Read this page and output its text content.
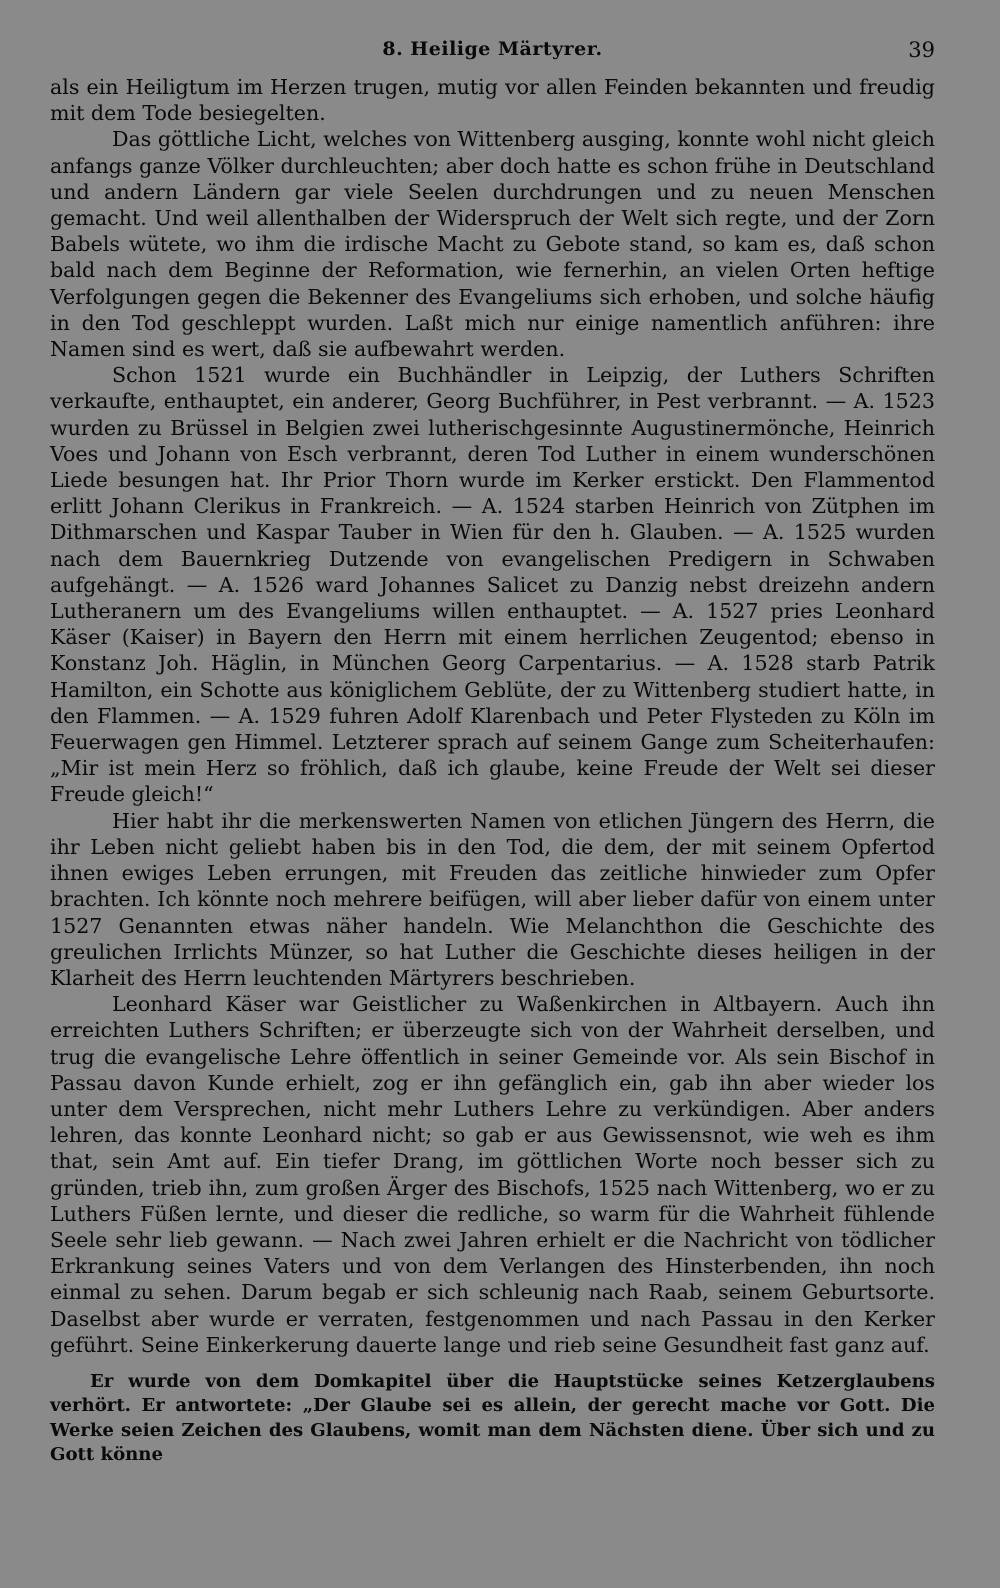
8. Heilige Märtyrer.	39

als ein Heiligtum im Herzen trugen, mutig vor allen Feinden bekannten und freudig mit dem Tode besiegelten.

Das göttliche Licht, welches von Wittenberg ausging, konnte wohl nicht gleich anfangs ganze Völker durchleuchten; aber doch hatte es schon frühe in Deutschland und andern Ländern gar viele Seelen durchdrungen und zu neuen Menschen gemacht. Und weil allenthalben der Widerspruch der Welt sich regte, und der Zorn Babels wütete, wo ihm die irdische Macht zu Gebote stand, so kam es, daß schon bald nach dem Beginne der Reformation, wie fernerhin, an vielen Orten heftige Verfolgungen gegen die Bekenner des Evangeliums sich erhoben, und solche häufig in den Tod geschleppt wurden. Laßt mich nur einige namentlich anführen: ihre Namen sind es wert, daß sie aufbewahrt werden.

Schon 1521 wurde ein Buchhändler in Leipzig, der Luthers Schriften verkaufte, enthauptet, ein anderer, Georg Buchführer, in Pest verbrannt. — A. 1523 wurden zu Brüssel in Belgien zwei lutherischgesinnte Augustinermönche, Heinrich Voes und Johann von Esch verbrannt, deren Tod Luther in einem wunderschönen Liede besungen hat. Ihr Prior Thorn wurde im Kerker erstickt. Den Flammentod erlitt Johann Clerikus in Frankreich. — A. 1524 starben Heinrich von Zütphen im Dithmarschen und Kaspar Tauber in Wien für den h. Glauben. — A. 1525 wurden nach dem Bauernkrieg Dutzende von evangelischen Predigern in Schwaben aufgehängt. — A. 1526 ward Johannes Salicet zu Danzig nebst dreizehn andern Lutheranern um des Evangeliums willen enthauptet. — A. 1527 pries Leonhard Käser (Kaiser) in Bayern den Herrn mit einem herrlichen Zeugentod; ebenso in Konstanz Joh. Häglin, in München Georg Carpentarius. — A. 1528 starb Patrik Hamilton, ein Schotte aus königlichem Geblüte, der zu Wittenberg studiert hatte, in den Flammen. — A. 1529 fuhren Adolf Klarenbach und Peter Flysteden zu Köln im Feuerwagen gen Himmel. Letzterer sprach auf seinem Gange zum Scheiterhaufen: „Mir ist mein Herz so fröhlich, daß ich glaube, keine Freude der Welt sei dieser Freude gleich!“

Hier habt ihr die merkenswerten Namen von etlichen Jüngern des Herrn, die ihr Leben nicht geliebt haben bis in den Tod, die dem, der mit seinem Opfertod ihnen ewiges Leben errungen, mit Freuden das zeitliche hinwieder zum Opfer brachten. Ich könnte noch mehrere beifügen, will aber lieber dafür von einem unter 1527 Genannten etwas näher handeln. Wie Melanchthon die Geschichte des greulichen Irrlichts Münzer, so hat Luther die Geschichte dieses heiligen in der Klarheit des Herrn leuchtenden Märtyrers beschrieben.

Leonhard Käser war Geistlicher zu Waßenkirchen in Altbayern. Auch ihn erreichten Luthers Schriften; er überzeugte sich von der Wahrheit derselben, und trug die evangelische Lehre öffentlich in seiner Gemeinde vor. Als sein Bischof in Passau davon Kunde erhielt, zog er ihn gefänglich ein, gab ihn aber wieder los unter dem Versprechen, nicht mehr Luthers Lehre zu verkündigen. Aber anders lehren, das konnte Leonhard nicht; so gab er aus Gewissensnot, wie weh es ihm that, sein Amt auf. Ein tiefer Drang, im göttlichen Worte noch besser sich zu gründen, trieb ihn, zum großen Ärger des Bischofs, 1525 nach Wittenberg, wo er zu Luthers Füßen lernte, und dieser die redliche, so warm für die Wahrheit fühlende Seele sehr lieb gewann. — Nach zwei Jahren erhielt er die Nachricht von tödlicher Erkrankung seines Vaters und von dem Verlangen des Hinsterbenden, ihn noch einmal zu sehen. Darum begab er sich schleunig nach Raab, seinem Geburtsorte. Daselbst aber wurde er verraten, festgenommen und nach Passau in den Kerker geführt. Seine Einkerkerung dauerte lange und rieb seine Gesundheit fast ganz auf.

Er wurde von dem Domkapitel über die Hauptstücke seines Ketzerglaubens verhört. Er antwortete: „Der Glaube sei es allein, der gerecht mache vor Gott. Die Werke seien Zeichen des Glaubens, womit man dem Nächsten diene. Über sich und zu Gott könne
